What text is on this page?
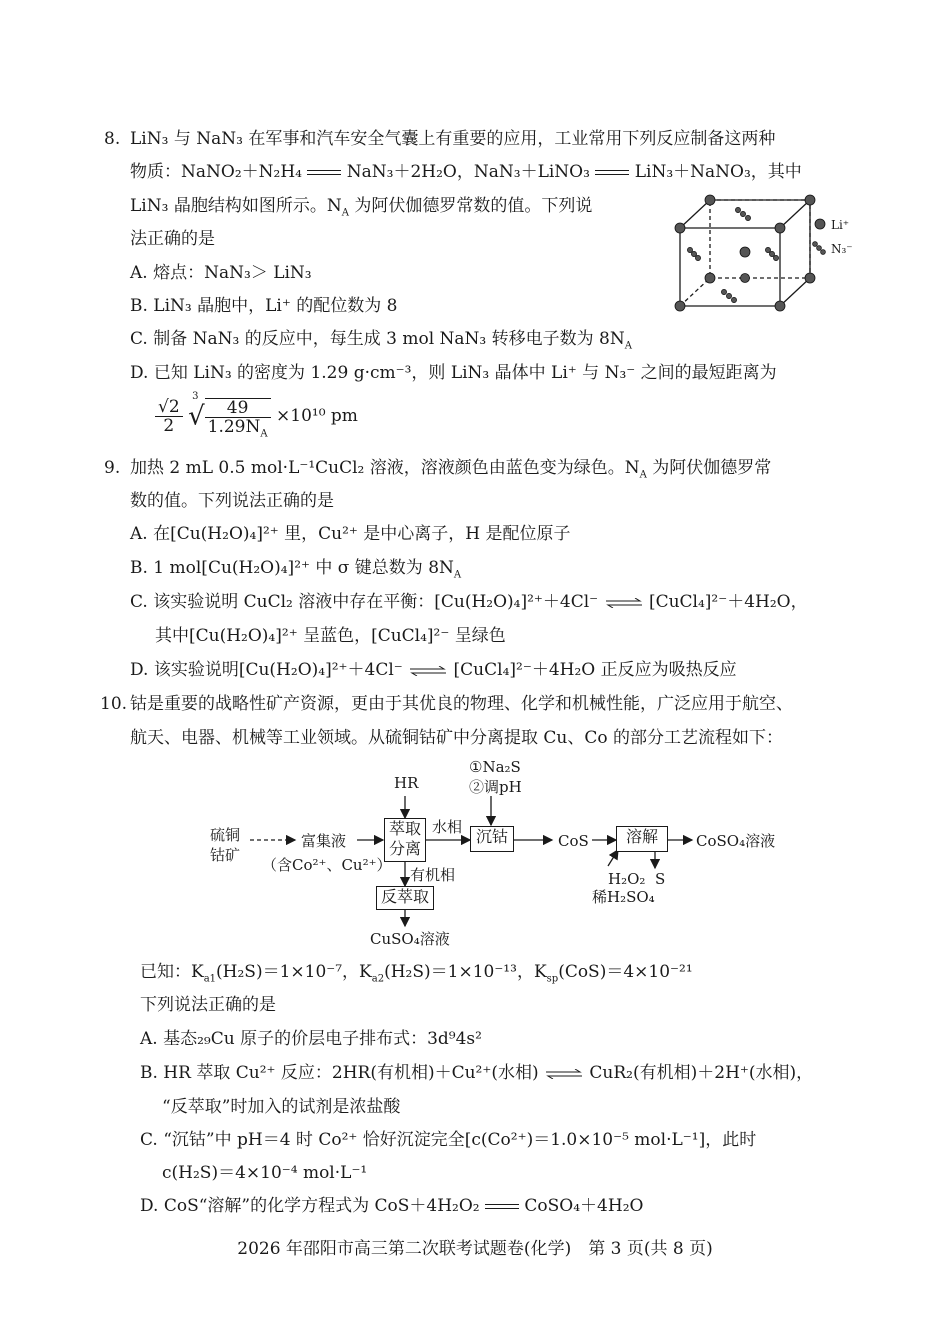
8. LiN₃ 与 NaN₃ 在军事和汽车安全气囊上有重要的应用，工业常用下列反应制备这两种
物质：NaNO₂＋N₂H₄	NaN₃＋2H₂O，NaN₃＋LiNO₃	LiN₃＋NaNO₃，其中
LiN₃ 晶胞结构如图所示。$N_A$ 为阿伏伽德罗常数的值。下列说
法正确的是
Li⁺
N₃⁻
A. 熔点：NaN₃＞ LiN₃
B. LiN₃ 晶胞中，Li⁺ 的配位数为 8
C. 制备 NaN₃ 的反应中，每生成 3 mol NaN₃ 转移电子数为 $8N_A$
D. 已知 LiN₃ 的密度为 1.29 g·cm⁻³，则 LiN₃ 晶体中 Li⁺ 与 N₃⁻ 之间的最短距离为
$\frac{√2}{2}$

3
√ $\frac{49}{1.29N_A} \times 10^{10}$ pm
9. 加热 2 mL 0.5 mol·L⁻¹CuCl₂ 溶液，溶液颜色由蓝色变为绿色。$N_A$ 为阿伏伽德罗常
数的值。下列说法正确的是
A. 在[Cu(H₂O)₄]²⁺ 里，Cu²⁺ 是中心离子，H 是配位原子
B. 1 mol[Cu(H₂O)₄]²⁺ 中 σ 键总数为 $8N_A$
C. 该实验说明 CuCl₂ 溶液中存在平衡：[Cu(H₂O)₄]²⁺＋4Cl⁻ ⇌ [CuCl₄]²⁻＋4H₂O，
其中[Cu(H₂O)₄]²⁺ 呈蓝色，[CuCl₄]²⁻ 呈绿色
D. 该实验说明[Cu(H₂O)₄]²⁺＋4Cl⁻ ⇌ [CuCl₄]²⁻＋4H₂O 正反应为吸热反应
10. 钴是重要的战略性矿产资源，更由于其优良的物理、化学和机械性能，广泛应用于航空、
航天、电器、机械等工业领域。从硫铜钴矿中分离提取 Cu、Co 的部分工艺流程如下：
萃取
分离
沉钴	溶解
反萃取
硫铜
钴矿
富集液
（含Co²⁺、Cu²⁺）
HR
水相
有机相
①Na₂S
②调pH
CoS	CoSO₄溶液
H₂O₂
稀H₂SO₄
S
CuSO₄溶液
已知：$K_{a1}(H_2S)=1\times 10^{-7}$，$K_{a2}(H_2S)=1\times 10^{-13}$，$K_{sp}(CoS)=4\times 10^{-21}$
下列说法正确的是
A. 基态₂₉Cu 原子的价层电子排布式：3d⁹4s²
B. HR 萃取 Cu²⁺ 反应：2HR(有机相)＋Cu²⁺(水相) ⇌ CuR₂(有机相)＋2H⁺(水相)，
“反萃取”时加入的试剂是浓盐酸
C. “沉钴”中 pH＝4 时 Co²⁺ 恰好沉淀完全[c(Co²⁺)＝1.0×10⁻⁵ mol·L⁻¹]，此时
c(H₂S)＝4×10⁻⁴ mol·L⁻¹
D. CoS“溶解”的化学方程式为 CoS＋4H₂O₂	CoSO₄＋4H₂O
2026 年邵阳市高三第二次联考试题卷(化学)　第 3 页(共 8 页)
